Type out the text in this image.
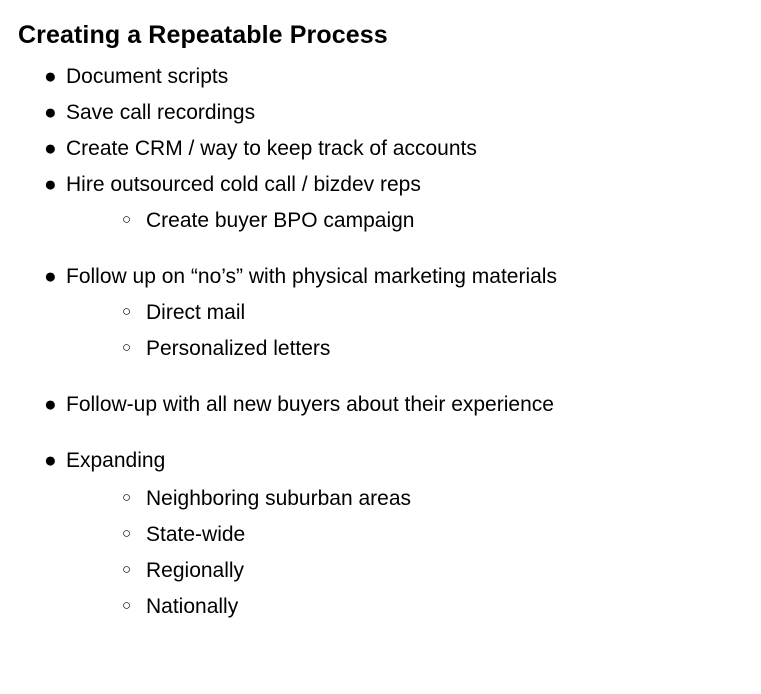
Creating a Repeatable Process
● Document scripts
● Save call recordings
● Create CRM / way to keep track of accounts
● Hire outsourced cold call / bizdev reps
○ Create buyer BPO campaign
● Follow up on “no’s” with physical marketing materials
○ Direct mail
○ Personalized letters
● Follow-up with all new buyers about their experience
● Expanding
○ Neighboring suburban areas
○ State-wide
○ Regionally
○ Nationally
